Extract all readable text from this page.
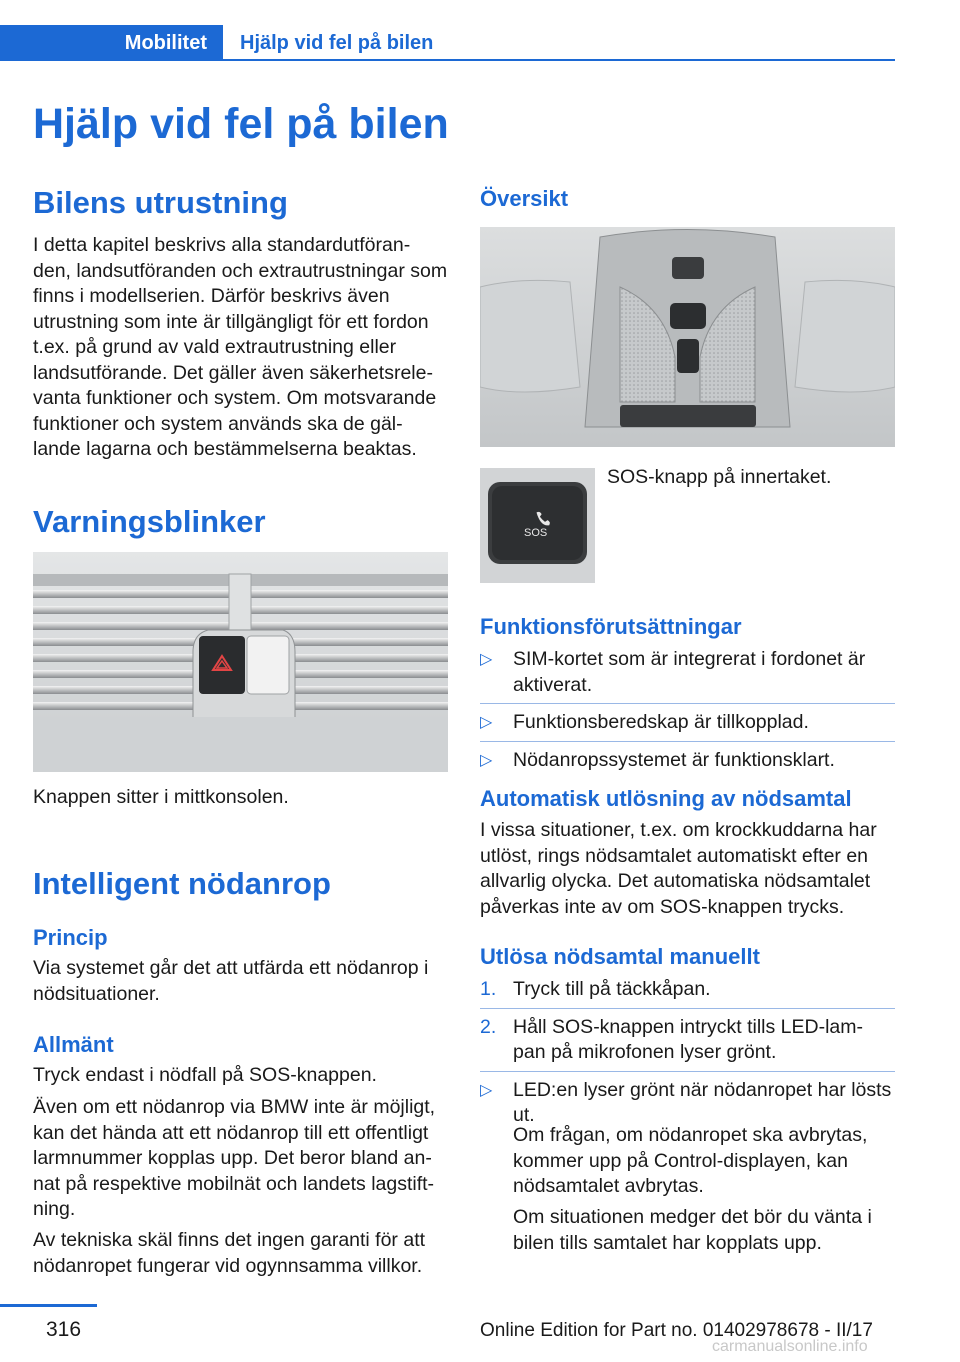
Mobilitet	Hjälp vid fel på bilen
Hjälp vid fel på bilen
Bilens utrustning

I detta kapitel beskrivs alla standardutföran-den, landsutföranden och extrautrustningar som finns i modellserien. Därför beskrivs även utrustning som inte är tillgängligt för ett fordon t.ex. på grund av vald extrautrustning eller landsutförande. Det gäller även säkerhetsrele-vanta funktioner och system. Om motsvarande funktioner och system används ska de gäl-lande lagarna och bestämmelserna beaktas.

Varningsblinker

Knappen sitter i mittkonsolen.

Intelligent nödanrop
Princip

Via systemet går det att utfärda ett nödanrop i nödsituationer.

Allmänt

Tryck endast i nödfall på SOS-knappen.

Även om ett nödanrop via BMW inte är möjligt, kan det hända att ett nödanrop till ett offentligt larmnummer kopplas upp. Det beror bland an-nat på respektive mobilnät och landets lagstift-ning.

Av tekniska skäl finns det ingen garanti för att nödanropet fungerar vid ogynnsamma villkor.

Översikt
SOS

SOS-knapp på innertaket.

Funktionsförutsättningar
▷ SIM-kortet som är integrerat i fordonet är aktiverat.
▷ Funktionsberedskap är tillkopplad.
▷ Nödanropssystemet är funktionsklart.
Automatisk utlösning av nödsamtal

I vissa situationer, t.ex. om krockkuddarna har utlöst, rings nödsamtalet automatiskt efter en allvarlig olycka. Det automatiska nödsamtalet påverkas inte av om SOS-knappen trycks.

Utlösa nödsamtal manuellt
1. Tryck till på täckkåpan.
2. Håll SOS-knappen intryckt tills LED-lam-pan på mikrofonen lyser grönt.
▷ LED:en lyser grönt när nödanropet har lösts ut.

Om frågan, om nödanropet ska avbrytas, kommer upp på Control-displayen, kan nödsamtalet avbrytas.

Om situationen medger det bör du vänta i bilen tills samtalet har kopplats upp.

316	Online Edition for Part no. 01402978678 - II/17
carmanualsonline.info
